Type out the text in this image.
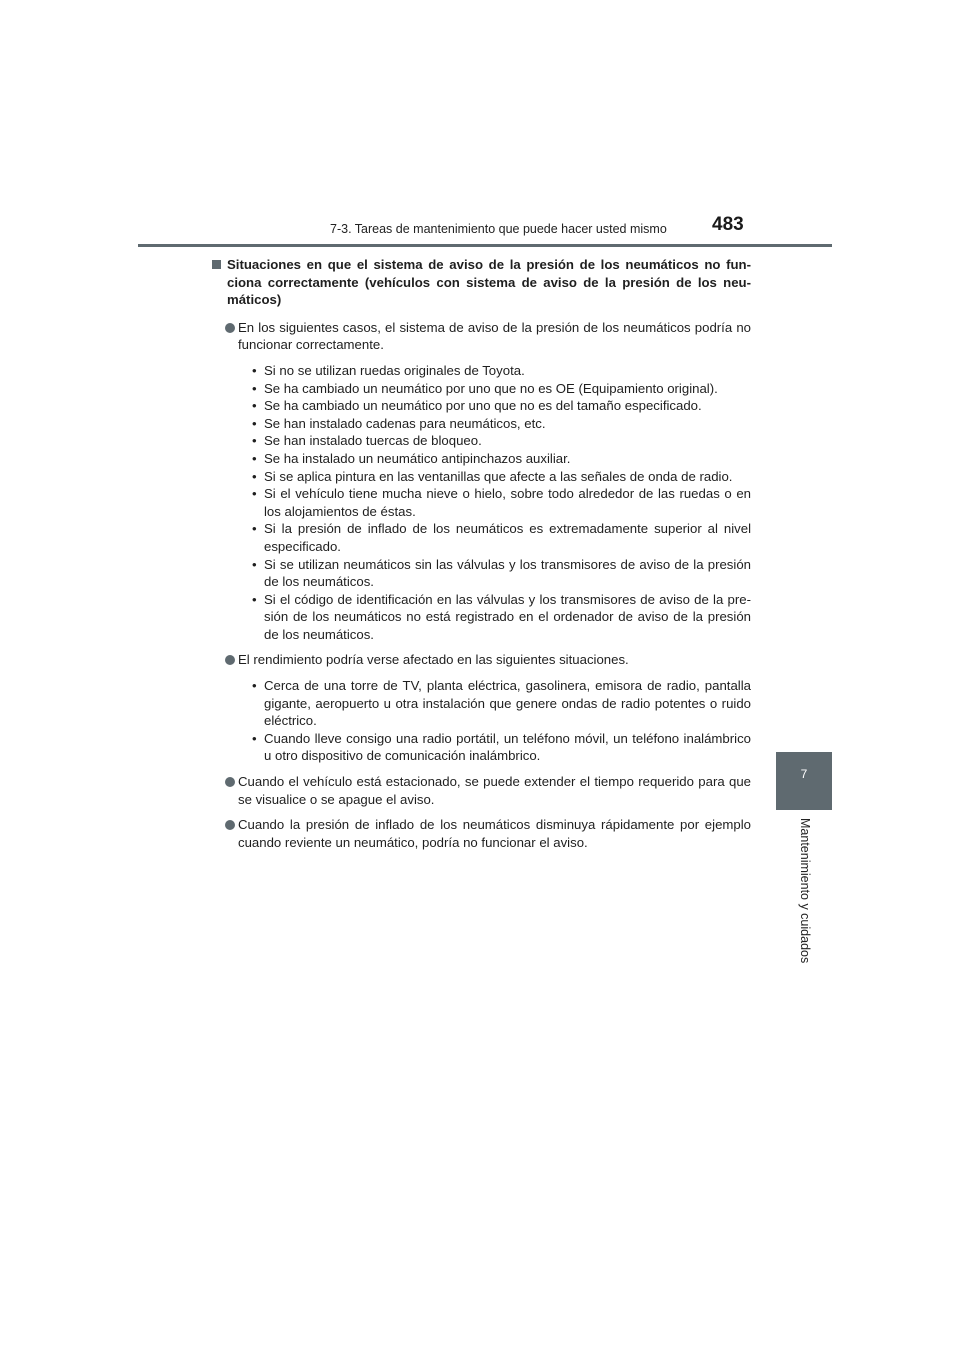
7-3. Tareas de mantenimiento que puede hacer usted mismo	483
7
Mantenimiento y cuidados
Situaciones en que el sistema de aviso de la presión de los neumáticos no fun-ciona correctamente (vehículos con sistema de aviso de la presión de los neu-máticos)
En los siguientes casos, el sistema de aviso de la presión de los neumáticos podría no funcionar correctamente.
• Si no se utilizan ruedas originales de Toyota.
• Se ha cambiado un neumático por uno que no es OE (Equipamiento original).
• Se ha cambiado un neumático por uno que no es del tamaño especificado.
• Se han instalado cadenas para neumáticos, etc.
• Se han instalado tuercas de bloqueo.
• Se ha instalado un neumático antipinchazos auxiliar.
• Si se aplica pintura en las ventanillas que afecte a las señales de onda de radio.
• Si el vehículo tiene mucha nieve o hielo, sobre todo alrededor de las ruedas o en los alojamientos de éstas.
• Si la presión de inflado de los neumáticos es extremadamente superior al nivel especificado.
• Si se utilizan neumáticos sin las válvulas y los transmisores de aviso de la presión de los neumáticos.
• Si el código de identificación en las válvulas y los transmisores de aviso de la pre-sión de los neumáticos no está registrado en el ordenador de aviso de la presión de los neumáticos.
El rendimiento podría verse afectado en las siguientes situaciones.
• Cerca de una torre de TV, planta eléctrica, gasolinera, emisora de radio, pantalla gigante, aeropuerto u otra instalación que genere ondas de radio potentes o ruido eléctrico.
• Cuando lleve consigo una radio portátil, un teléfono móvil, un teléfono inalámbrico u otro dispositivo de comunicación inalámbrico.
Cuando el vehículo está estacionado, se puede extender el tiempo requerido para que se visualice o se apague el aviso.
Cuando la presión de inflado de los neumáticos disminuya rápidamente por ejemplo cuando reviente un neumático, podría no funcionar el aviso.
